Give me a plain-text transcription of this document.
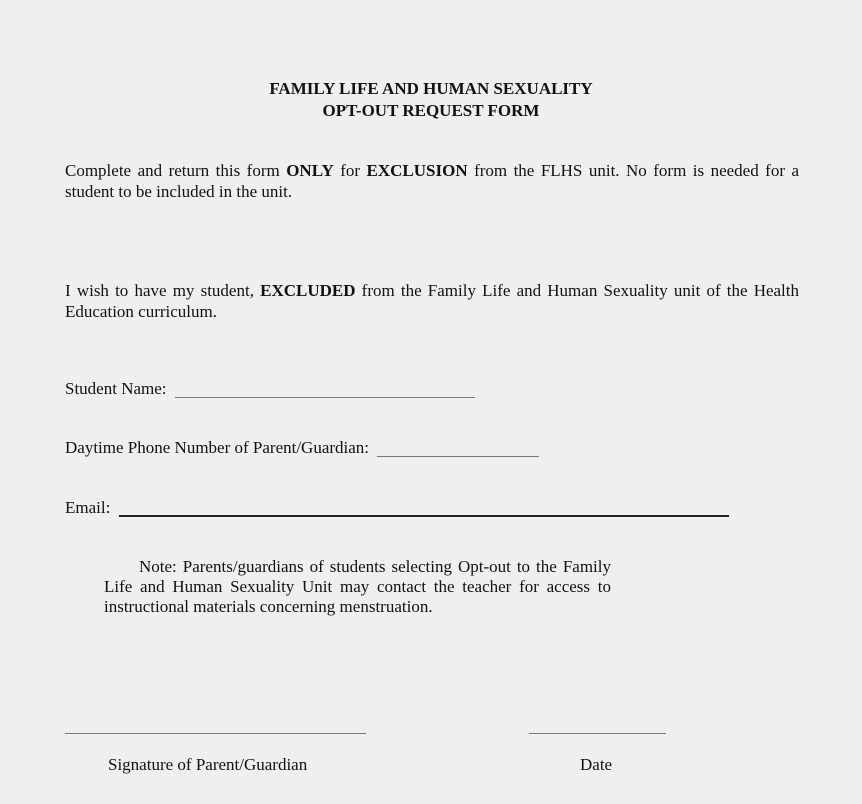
FAMILY LIFE AND HUMAN SEXUALITY
OPT-OUT REQUEST FORM

Complete and return this form ONLY for EXCLUSION from the FLHS unit. No form is needed for a student to be included in the unit.

I wish to have my student, EXCLUDED from the Family Life and Human Sexuality unit of the Health Education curriculum.

Student Name:
Daytime Phone Number of Parent/Guardian:
Email:

Note: Parents/guardians of students selecting Opt-out to the Family Life and Human Sexuality Unit may contact the teacher for access to instructional materials concerning menstruation.

Signature of Parent/Guardian	Date
